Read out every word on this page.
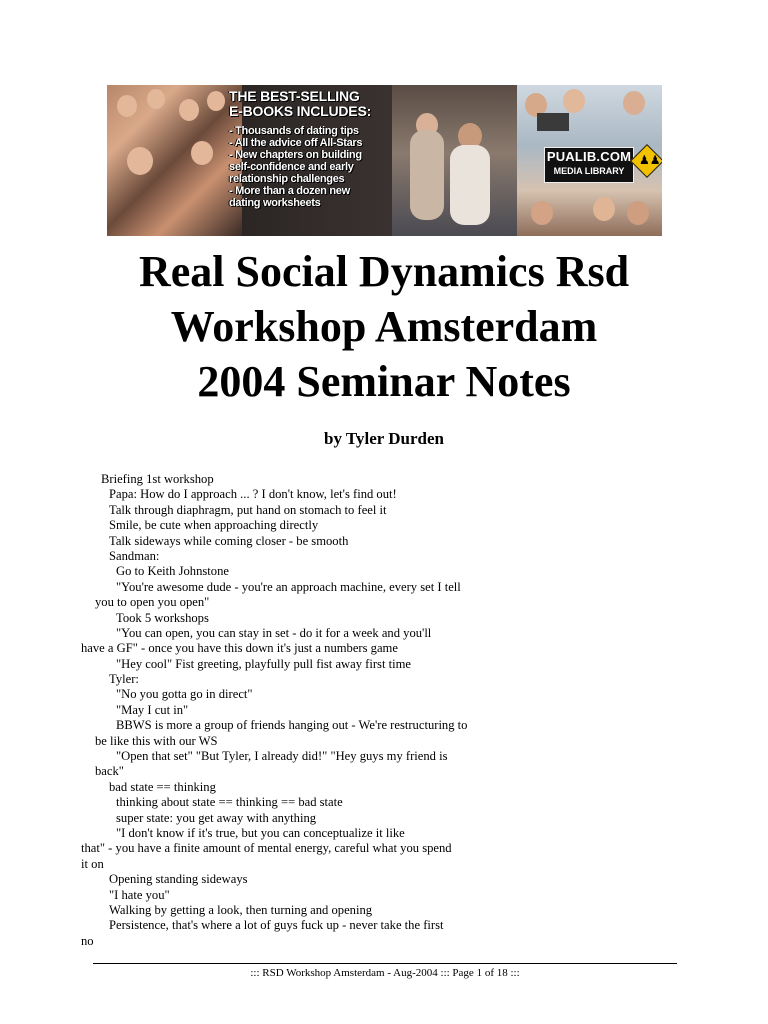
THE BEST-SELLING
E-BOOKS INCLUDES:
- Thousands of dating tips
- All the advice off All-Stars
- New chapters on building
self-confidence and early
relationship challenges
- More than a dozen new
dating worksheets
PUALIB.COM
MEDIA LIBRARY
♟♟
Real Social Dynamics Rsd
Workshop Amsterdam
2004 Seminar Notes

by Tyler Durden

Briefing 1st workshop
Papa: How do I approach ... ? I don't know, let's find out!
Talk through diaphragm, put hand on stomach to feel it
Smile, be cute when approaching directly
Talk sideways while coming closer - be smooth
Sandman:
Go to Keith Johnstone
"You're awesome dude - you're an approach machine, every set I tell
you to open you open"
Took 5 workshops
"You can open, you can stay in set - do it for a week and you'll
have a GF" - once you have this down it's just a numbers game
"Hey cool" Fist greeting, playfully pull fist away first time
Tyler:
"No you gotta go in direct"
"May I cut in"
BBWS is more a group of friends hanging out - We're restructuring to
be like this with our WS
"Open that set" "But Tyler, I already did!" "Hey guys my friend is
back"
bad state == thinking
thinking about state == thinking == bad state
super state: you get away with anything
"I don't know if it's true, but you can conceptualize it like
that" - you have a finite amount of mental energy, careful what you spend
it on
Opening standing sideways
"I hate you"
Walking by getting a look, then turning and opening
Persistence, that's where a lot of guys fuck up - never take the first
no
::: RSD Workshop Amsterdam - Aug-2004 ::: Page 1 of 18 :::
